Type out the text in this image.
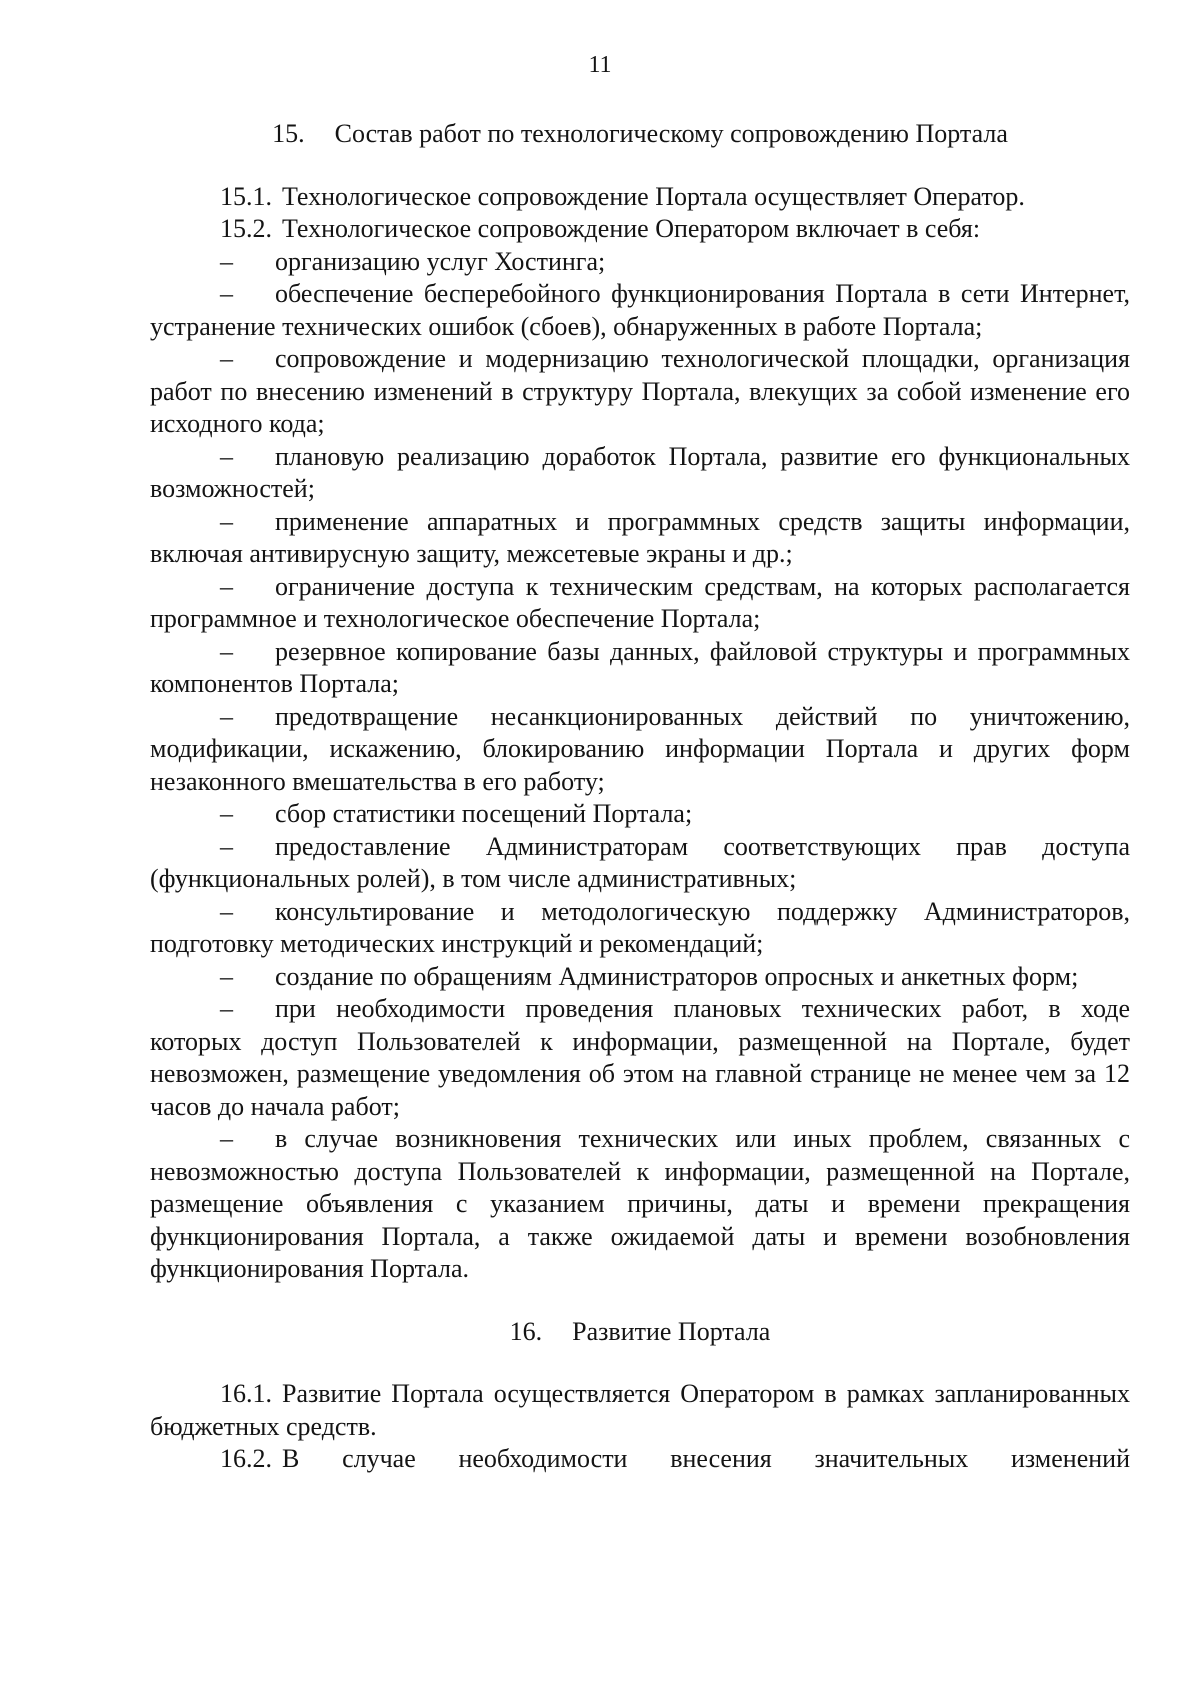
11
15. Состав работ по технологическому сопровождению Портала

15.1. Технологическое сопровождение Портала осуществляет Оператор.

15.2. Технологическое сопровождение Оператором включает в себя:

– организацию услуг Хостинга;

– обеспечение бесперебойного функционирования Портала в сети Интернет, устранение технических ошибок (сбоев), обнаруженных в работе Портала;

– сопровождение и модернизацию технологической площадки, организация работ по внесению изменений в структуру Портала, влекущих за собой изменение его исходного кода;

– плановую реализацию доработок Портала, развитие его функциональных возможностей;

– применение аппаратных и программных средств защиты информации, включая антивирусную защиту, межсетевые экраны и др.;

– ограничение доступа к техническим средствам, на которых располагается программное и технологическое обеспечение Портала;

– резервное копирование базы данных, файловой структуры и программных компонентов Портала;

– предотвращение несанкционированных действий по уничтожению, модификации, искажению, блокированию информации Портала и других форм незаконного вмешательства в его работу;

– сбор статистики посещений Портала;

– предоставление Администраторам соответствующих прав доступа (функциональных ролей), в том числе административных;

– консультирование и методологическую поддержку Администраторов, подготовку методических инструкций и рекомендаций;

– создание по обращениям Администраторов опросных и анкетных форм;

– при необходимости проведения плановых технических работ, в ходе которых доступ Пользователей к информации, размещенной на Портале, будет невозможен, размещение уведомления об этом на главной странице не менее чем за 12 часов до начала работ;

– в случае возникновения технических или иных проблем, связанных с невозможностью доступа Пользователей к информации, размещенной на Портале, размещение объявления с указанием причины, даты и времени прекращения функционирования Портала, а также ожидаемой даты и времени возобновления функционирования Портала.

16. Развитие Портала

16.1. Развитие Портала осуществляется Оператором в рамках запланированных бюджетных средств.

16.2. В случае необходимости внесения значительных изменений
